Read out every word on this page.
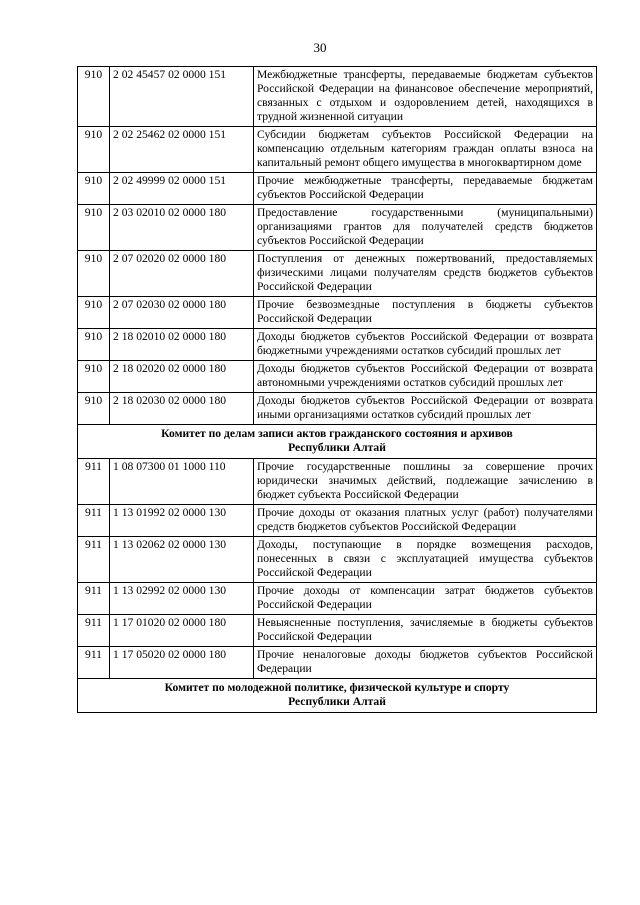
30
910	2 02 45457 02 0000 151	Межбюджетные трансферты, передаваемые бюджетам субъектов Российской Федерации на финансовое обеспечение мероприятий, связанных с отдыхом и оздоровлением детей, находящихся в трудной жизненной ситуации
910	2 02 25462 02 0000 151	Субсидии бюджетам субъектов Российской Федерации на компенсацию отдельным категориям граждан оплаты взноса на капитальный ремонт общего имущества в многоквартирном доме
910	2 02 49999 02 0000 151	Прочие межбюджетные трансферты, передаваемые бюджетам субъектов Российской Федерации
910	2 03 02010 02 0000 180	Предоставление государственными (муниципальными) организациями грантов для получателей средств бюджетов субъектов Российской Федерации
910	2 07 02020 02 0000 180	Поступления от денежных пожертвований, предоставляемых физическими лицами получателям средств бюджетов субъектов Российской Федерации
910	2 07 02030 02 0000 180	Прочие безвозмездные поступления в бюджеты субъектов Российской Федерации
910	2 18 02010 02 0000 180	Доходы бюджетов субъектов Российской Федерации от возврата бюджетными учреждениями остатков субсидий прошлых лет
910	2 18 02020 02 0000 180	Доходы бюджетов субъектов Российской Федерации от возврата автономными учреждениями остатков субсидий прошлых лет
910	2 18 02030 02 0000 180	Доходы бюджетов субъектов Российской Федерации от возврата иными организациями остатков субсидий прошлых лет

Комитет по делам записи актов гражданского состояния и архивов
Республики Алтай		

911	1 08 07300 01 1000 110	Прочие государственные пошлины за совершение прочих юридически значимых действий, подлежащие зачислению в бюджет субъекта Российской Федерации
911	1 13 01992 02 0000 130	Прочие доходы от оказания платных услуг (работ) получателями средств бюджетов субъектов Российской Федерации
911	1 13 02062 02 0000 130	Доходы, поступающие в порядке возмещения расходов, понесенных в связи с эксплуатацией имущества субъектов Российской Федерации
911	1 13 02992 02 0000 130	Прочие доходы от компенсации затрат бюджетов субъектов Российской Федерации
911	1 17 01020 02 0000 180	Невыясненные поступления, зачисляемые в бюджеты субъектов Российской Федерации
911	1 17 05020 02 0000 180	Прочие неналоговые доходы бюджетов субъектов Российской Федерации

Комитет по молодежной политике, физической культуре и спорту
Республики Алтай		
